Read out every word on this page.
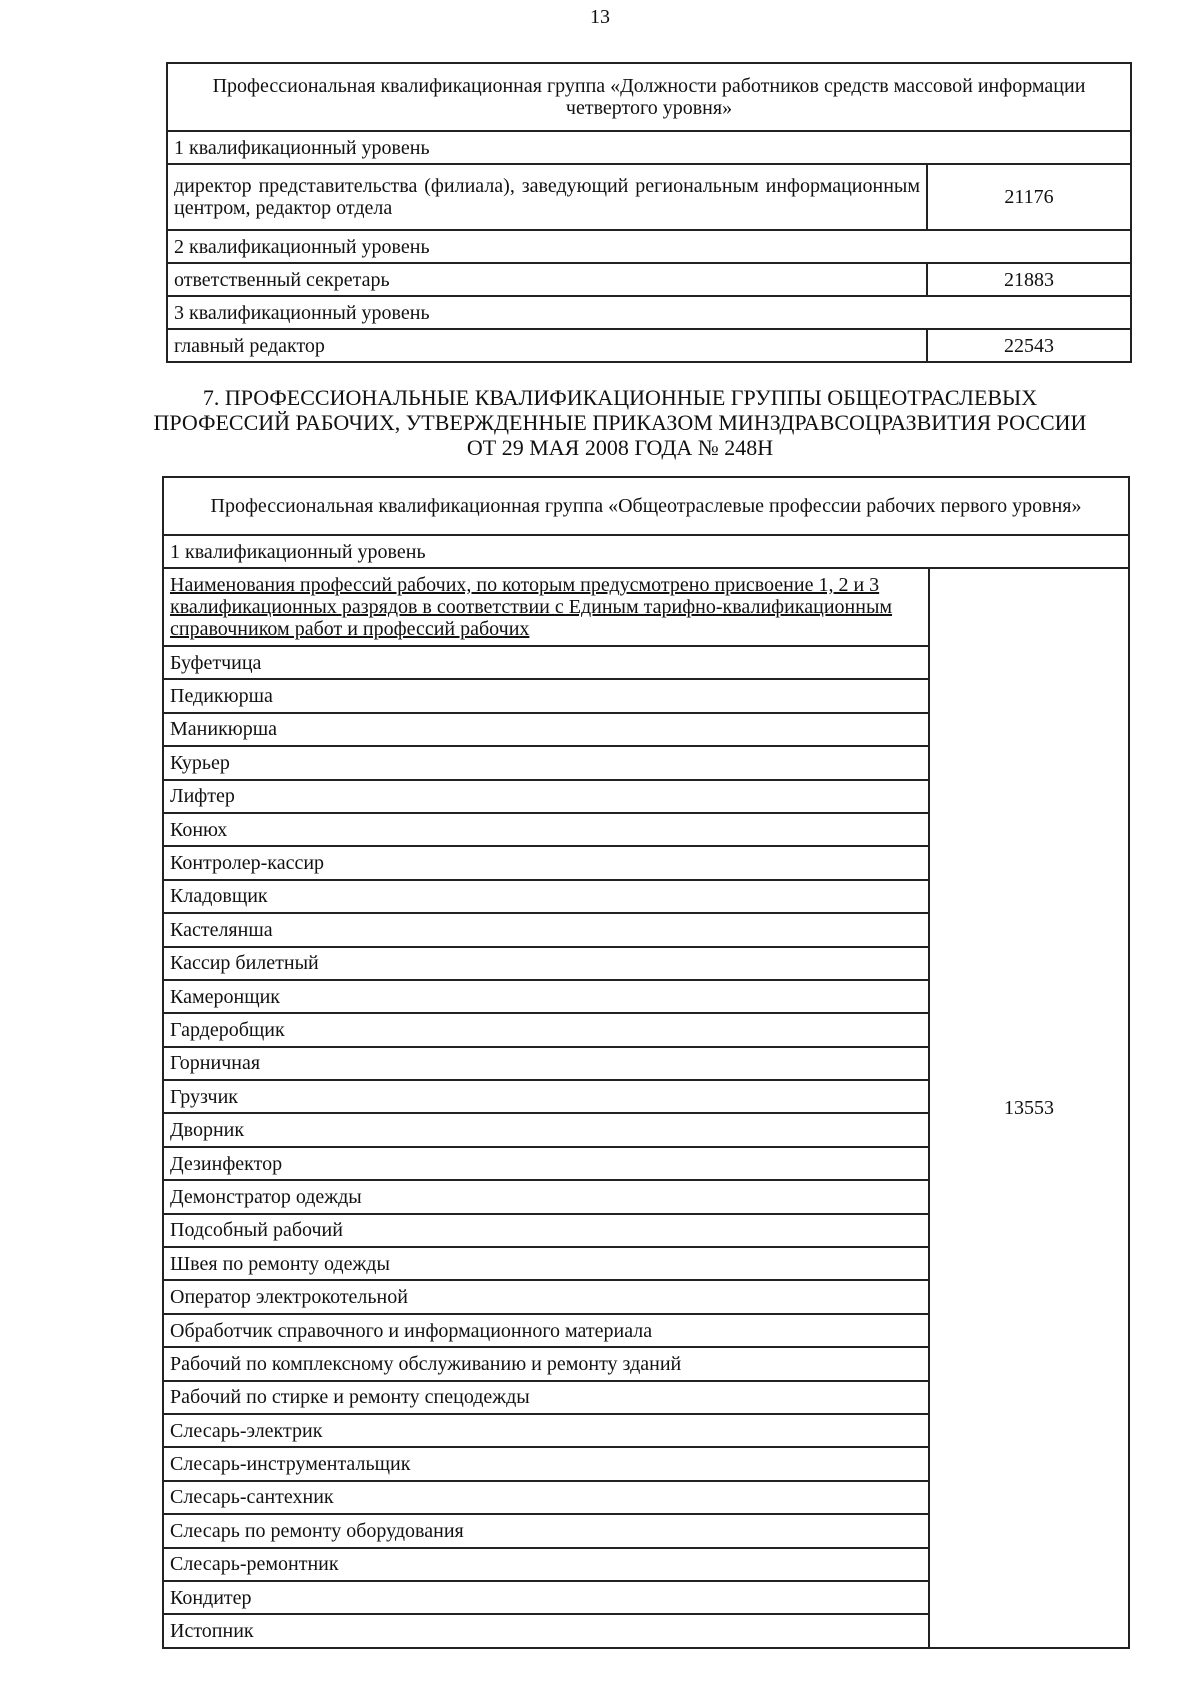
13
Профессиональная квалификационная группа «Должности работников средств массовой информации четвертого уровня»	
1 квалификационный уровень	
директор представительства (филиала), заведующий региональным информационным центром, редактор отдела	21176
2 квалификационный уровень	
ответственный секретарь	21883
3 квалификационный уровень	
главный редактор	22543
7. ПРОФЕССИОНАЛЬНЫЕ КВАЛИФИКАЦИОННЫЕ ГРУППЫ ОБЩЕОТРАСЛЕВЫХ ПРОФЕССИЙ РАБОЧИХ, УТВЕРЖДЕННЫЕ ПРИКАЗОМ МИНЗДРАВСОЦРАЗВИТИЯ РОССИИ ОТ 29 МАЯ 2008 ГОДА № 248Н
Профессиональная квалификационная группа «Общеотраслевые профессии рабочих первого уровня»
1 квалификационный уровень
Наименования профессий рабочих, по которым предусмотрено присвоение 1, 2 и 3 квалификационных разрядов в соответствии с Единым тарифно-квалификационным справочником работ и профессий рабочих	13553
Буфетчица
Педикюрша
Маникюрша
Курьер
Лифтер
Конюх
Контролер-кассир
Кладовщик
Кастелянша
Кассир билетный
Камеронщик
Гардеробщик
Горничная
Грузчик
Дворник
Дезинфектор
Демонстратор одежды
Подсобный рабочий
Швея по ремонту одежды
Оператор электрокотельной
Обработчик справочного и информационного материала
Рабочий по комплексному обслуживанию и ремонту зданий
Рабочий по стирке и ремонту спецодежды
Слесарь-электрик
Слесарь-инструментальщик
Слесарь-сантехник
Слесарь по ремонту оборудования
Слесарь-ремонтник
Кондитер
Истопник
